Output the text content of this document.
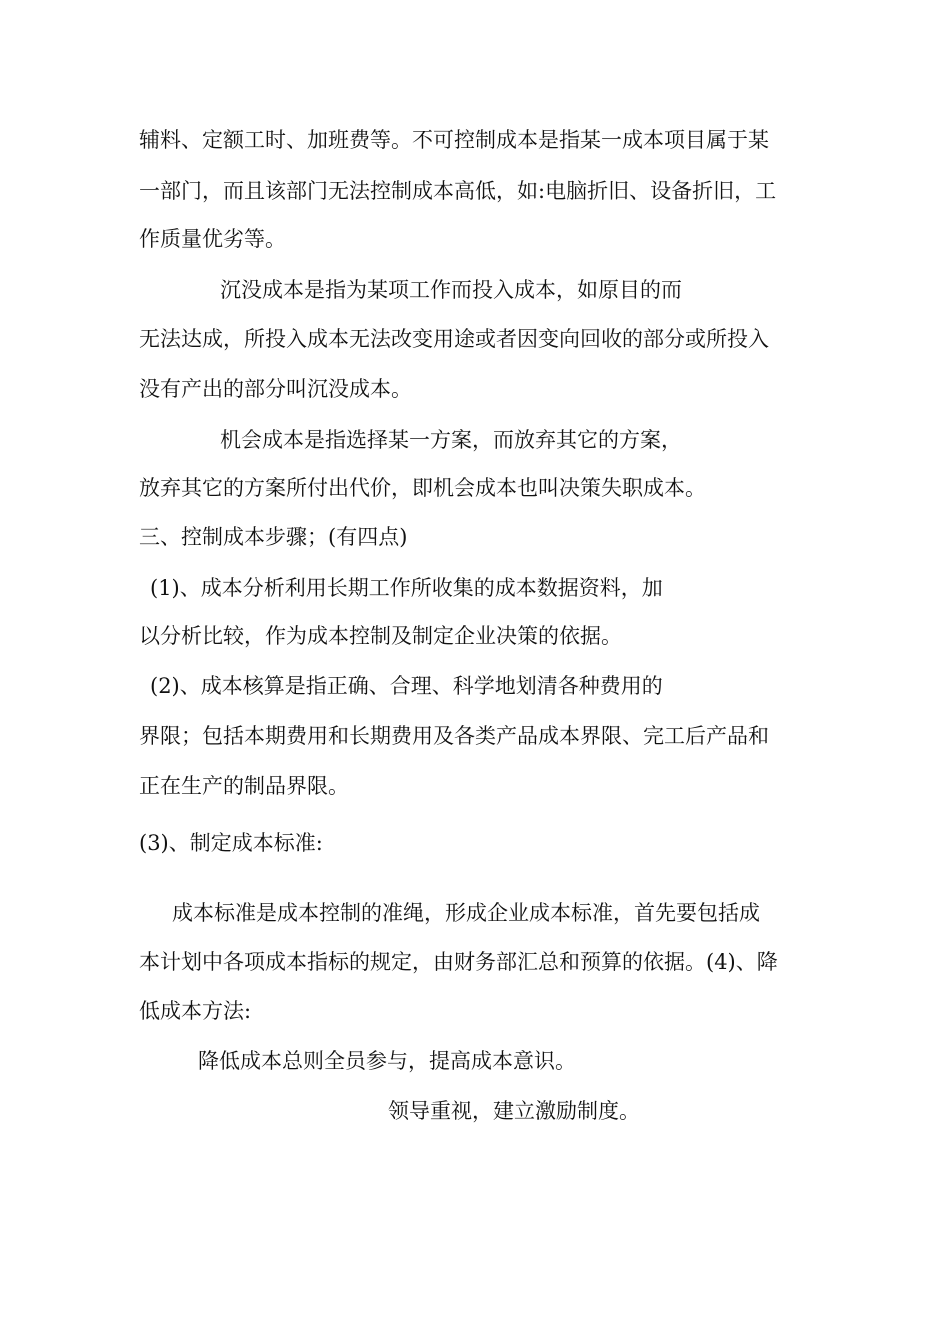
辅料、定额工时、加班费等。不可控制成本是指某一成本项目属于某
一部门，而且该部门无法控制成本高低，如:电脑折旧、设备折旧，工
作质量优劣等。
沉没成本是指为某项工作而投入成本，如原目的而
无法达成，所投入成本无法改变用途或者因变向回收的部分或所投入
没有产出的部分叫沉没成本。
机会成本是指选择某一方案，而放弃其它的方案，
放弃其它的方案所付出代价，即机会成本也叫决策失职成本。
三、控制成本步骤；(有四点)
(1)、成本分析利用长期工作所收集的成本数据资料，加
以分析比较，作为成本控制及制定企业决策的依据。
(2)、成本核算是指正确、合理、科学地划清各种费用的
界限；包括本期费用和长期费用及各类产品成本界限、完工后产品和
正在生产的制品界限。
(3)、制定成本标准:
成本标准是成本控制的准绳，形成企业成本标准，首先要包括成
本计划中各项成本指标的规定，由财务部汇总和预算的依据。(4)、降
低成本方法:
降低成本总则全员参与，提高成本意识。
领导重视，建立激励制度。
